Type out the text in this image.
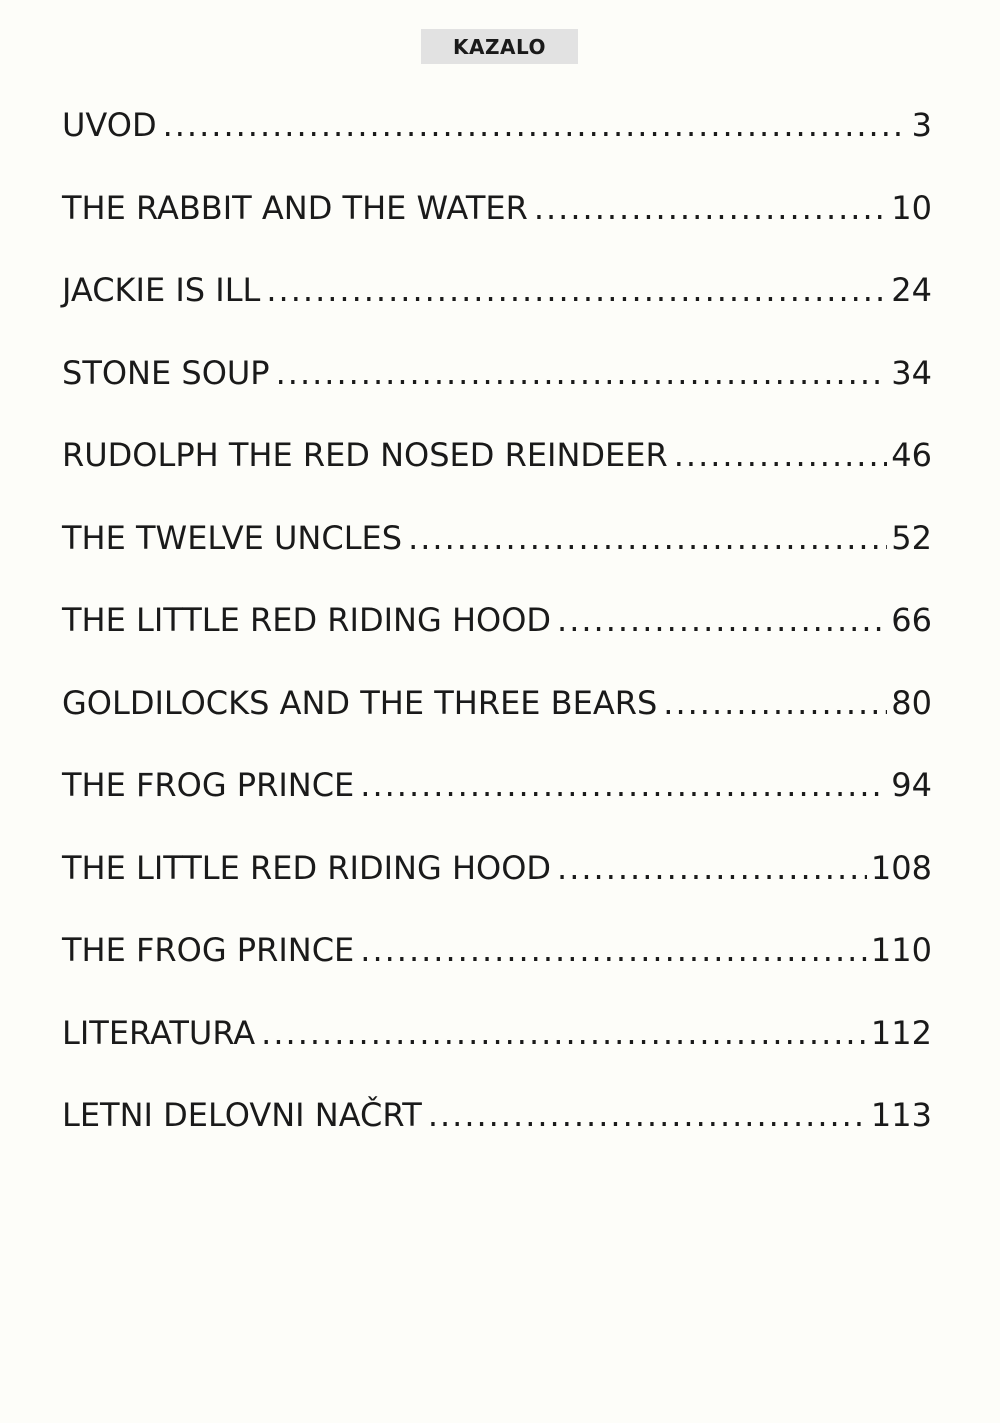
KAZALO
UVOD .....	3
THE RABBIT AND THE WATER .....	10
JACKIE IS ILL .....	24
STONE SOUP .....	34
RUDOLPH THE RED NOSED REINDEER .....	46
THE TWELVE UNCLES .....	52
THE LITTLE RED RIDING HOOD .....	66
GOLDILOCKS AND THE THREE BEARS .....	80
THE FROG PRINCE .....	94
THE LITTLE RED RIDING HOOD .....	108
THE FROG PRINCE .....	110
LITERATURA .....	112
LETNI DELOVNI NAČRT .....	113
